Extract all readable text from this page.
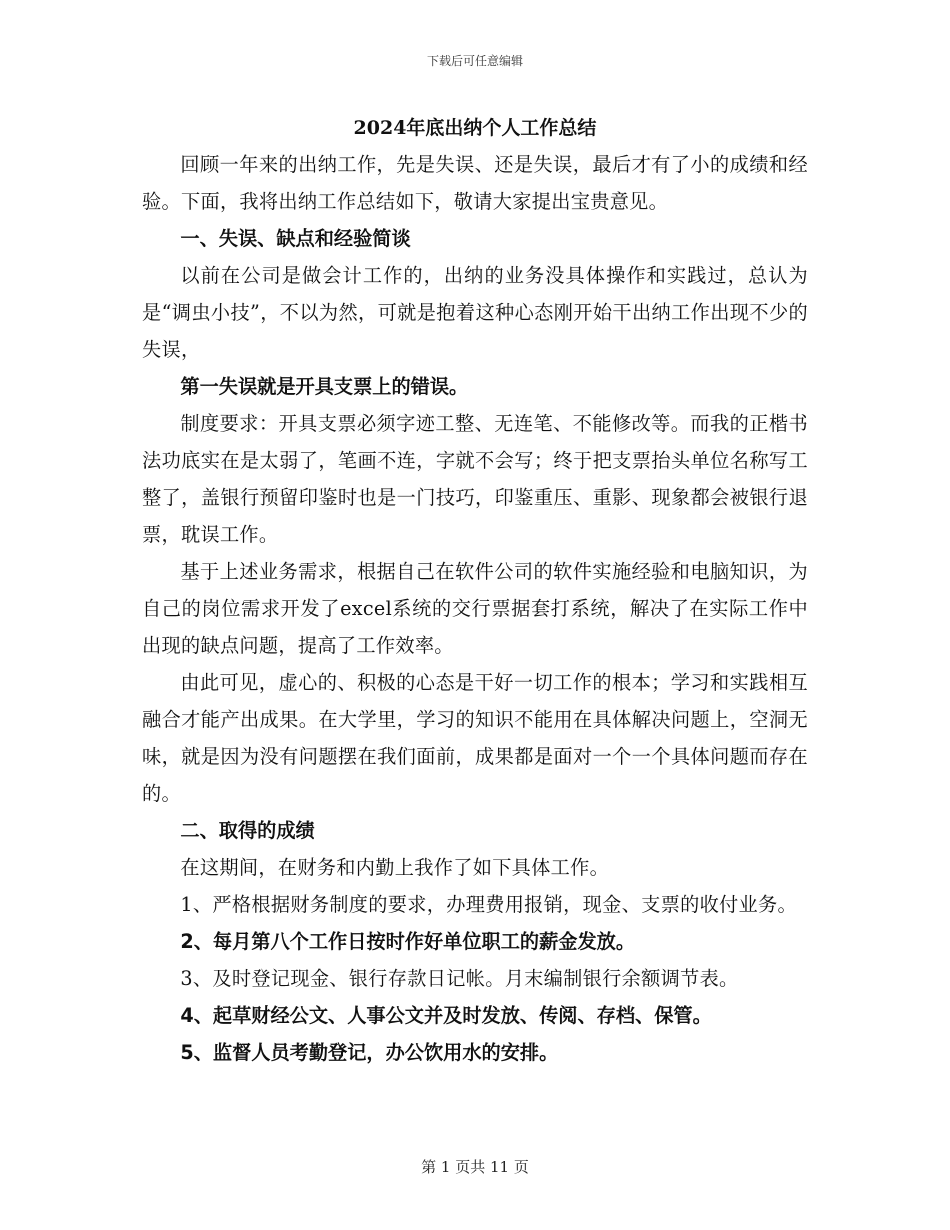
下载后可任意编辑

2024年底出纳个人工作总结

回顾一年来的出纳工作，先是失误、还是失误，最后才有了小的成绩和经验。下面，我将出纳工作总结如下，敬请大家提出宝贵意见。

一、失误、缺点和经验简谈

以前在公司是做会计工作的，出纳的业务没具体操作和实践过，总认为是“调虫小技”，不以为然，可就是抱着这种心态刚开始干出纳工作出现不少的失误，

第一失误就是开具支票上的错误。

制度要求：开具支票必须字迹工整、无连笔、不能修改等。而我的正楷书法功底实在是太弱了，笔画不连，字就不会写；终于把支票抬头单位名称写工整了，盖银行预留印鉴时也是一门技巧，印鉴重压、重影、现象都会被银行退票，耽误工作。

基于上述业务需求，根据自己在软件公司的软件实施经验和电脑知识，为自己的岗位需求开发了excel系统的交行票据套打系统，解决了在实际工作中出现的缺点问题，提高了工作效率。

由此可见，虚心的、积极的心态是干好一切工作的根本；学习和实践相互融合才能产出成果。在大学里，学习的知识不能用在具体解决问题上，空洞无味，就是因为没有问题摆在我们面前，成果都是面对一个一个具体问题而存在的。

二、取得的成绩

在这期间，在财务和内勤上我作了如下具体工作。

1、严格根据财务制度的要求，办理费用报销，现金、支票的收付业务。

2、每月第八个工作日按时作好单位职工的薪金发放。

3、及时登记现金、银行存款日记帐。月末编制银行余额调节表。

4、起草财经公文、人事公文并及时发放、传阅、存档、保管。

5、监督人员考勤登记，办公饮用水的安排。

第 1 页共 11 页
